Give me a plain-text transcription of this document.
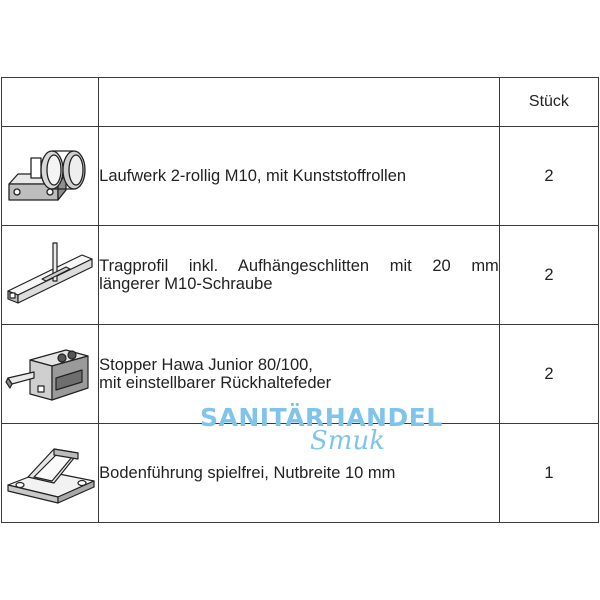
		Stück

Laufwerk 2-rollig M10, mit Kunststoffrollen	2

Tragprofil inkl. Aufhängeschlitten mit 20 mm
längerer M10-Schraube	2

Stopper Hawa Junior 80/100,
mit einstellbarer Rückhaltefeder	2

Bodenführung spielfrei, Nutbreite 10 mm	1
SANITÄRHANDEL
Smuk
